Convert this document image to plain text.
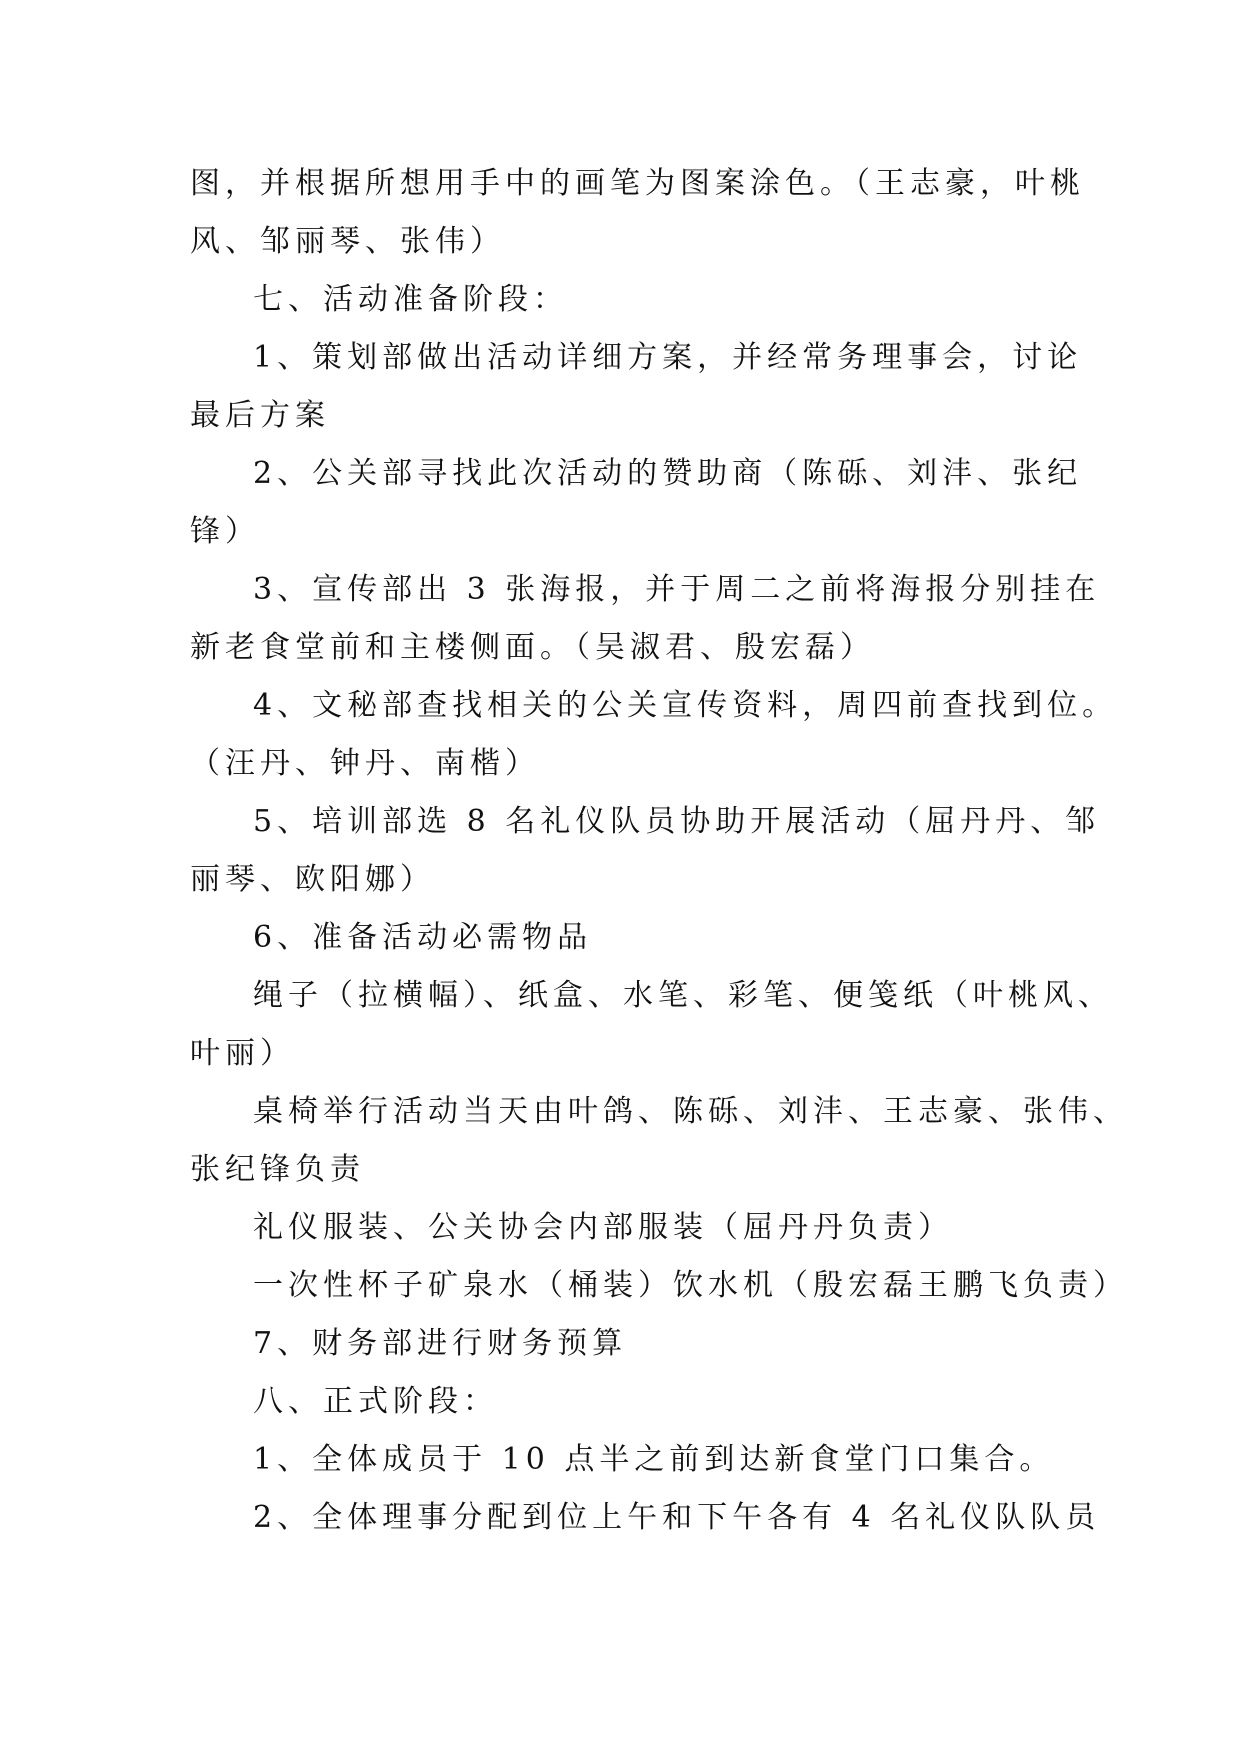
图，并根据所想用手中的画笔为图案涂色。（王志豪，叶桃
风、邹丽琴、张伟）
七、活动准备阶段：
1、策划部做出活动详细方案，并经常务理事会，讨论
最后方案
2、公关部寻找此次活动的赞助商（陈砾、刘沣、张纪
锋）
3、宣传部出 3 张海报，并于周二之前将海报分别挂在
新老食堂前和主楼侧面。（吴淑君、殷宏磊）
4、文秘部查找相关的公关宣传资料，周四前查找到位。
（汪丹、钟丹、南楷）
5、培训部选 8 名礼仪队员协助开展活动（屈丹丹、邹
丽琴、欧阳娜）
6、准备活动必需物品
绳子（拉横幅）、纸盒、水笔、彩笔、便笺纸（叶桃风、
叶丽）
桌椅举行活动当天由叶鸽、陈砾、刘沣、王志豪、张伟、
张纪锋负责
礼仪服装、公关协会内部服装（屈丹丹负责）
一次性杯子矿泉水（桶装）饮水机（殷宏磊王鹏飞负责）
7、财务部进行财务预算
八、正式阶段：
1、全体成员于 10 点半之前到达新食堂门口集合。
2、全体理事分配到位上午和下午各有 4 名礼仪队队员
